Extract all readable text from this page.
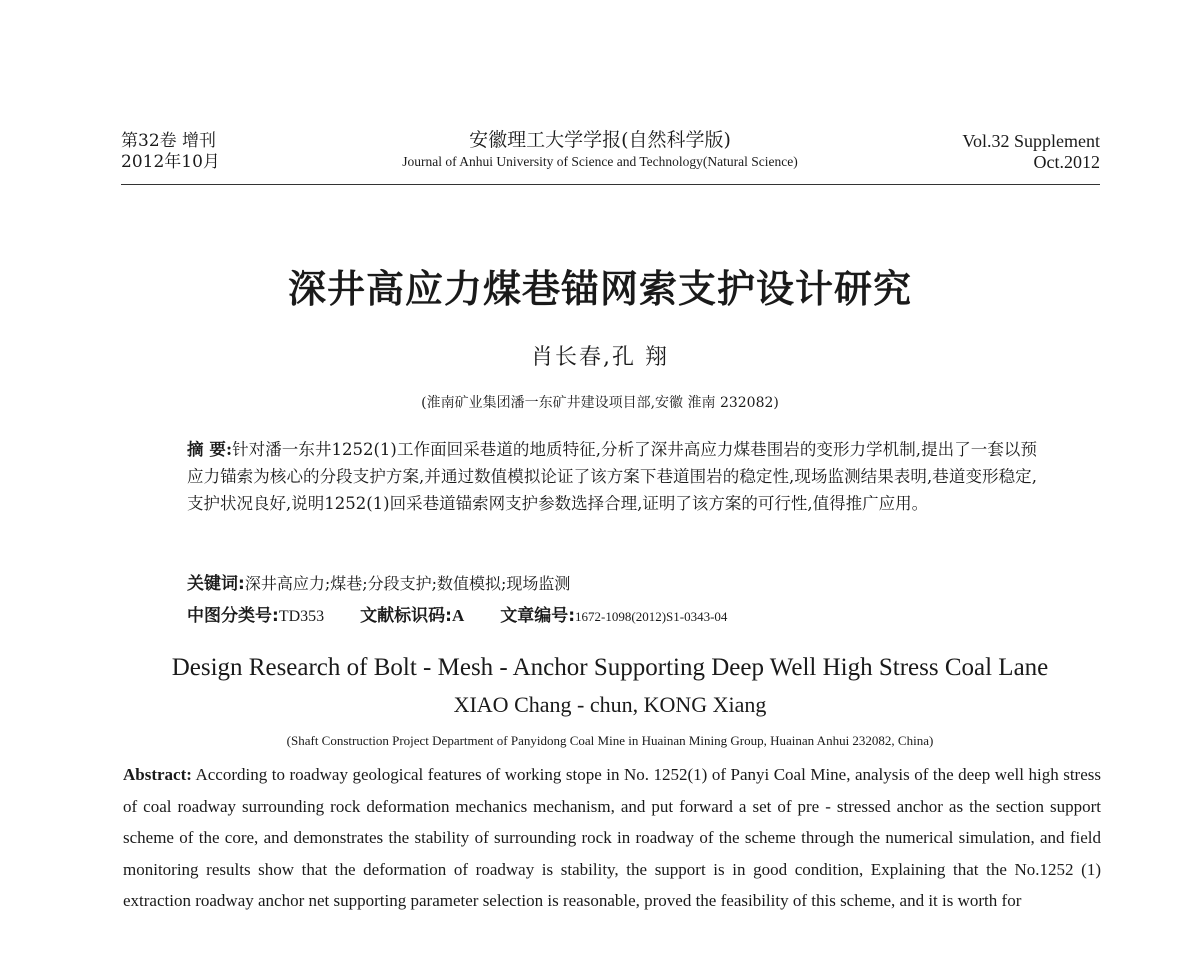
第32卷 增刊
2012年10月
安徽理工大学学报(自然科学版)
Journal of Anhui University of Science and Technology(Natural Science)
Vol.32 Supplement
Oct.2012
深井高应力煤巷锚网索支护设计研究
肖长春,孔 翔
(淮南矿业集团潘一东矿井建设项目部,安徽 淮南 232082)
摘 要:针对潘一东井1252(1)工作面回采巷道的地质特征,分析了深井高应力煤巷围岩的变形力学机制,提出了一套以预应力锚索为核心的分段支护方案,并通过数值模拟论证了该方案下巷道围岩的稳定性,现场监测结果表明,巷道变形稳定,支护状况良好,说明1252(1)回采巷道锚索网支护参数选择合理,证明了该方案的可行性,值得推广应用。
关键词:深井高应力;煤巷;分段支护;数值模拟;现场监测
中图分类号:TD353 文献标识码:A 文章编号:1672-1098(2012)S1-0343-04
Design Research of Bolt - Mesh - Anchor Supporting Deep Well High Stress Coal Lane
XIAO Chang - chun, KONG Xiang
(Shaft Construction Project Department of Panyidong Coal Mine in Huainan Mining Group, Huainan Anhui 232082, China)
Abstract: According to roadway geological features of working stope in No. 1252(1) of Panyi Coal Mine, analysis of the deep well high stress of coal roadway surrounding rock deformation mechanics mechanism, and put forward a set of pre - stressed anchor as the section support scheme of the core, and demonstrates the stability of surrounding rock in roadway of the scheme through the numerical simulation, and field monitoring results show that the deformation of roadway is stability, the support is in good condition, Explaining that the No.1252 (1) extraction roadway anchor net supporting parameter selection is reasonable, proved the feasibility of this scheme, and it is worth for
